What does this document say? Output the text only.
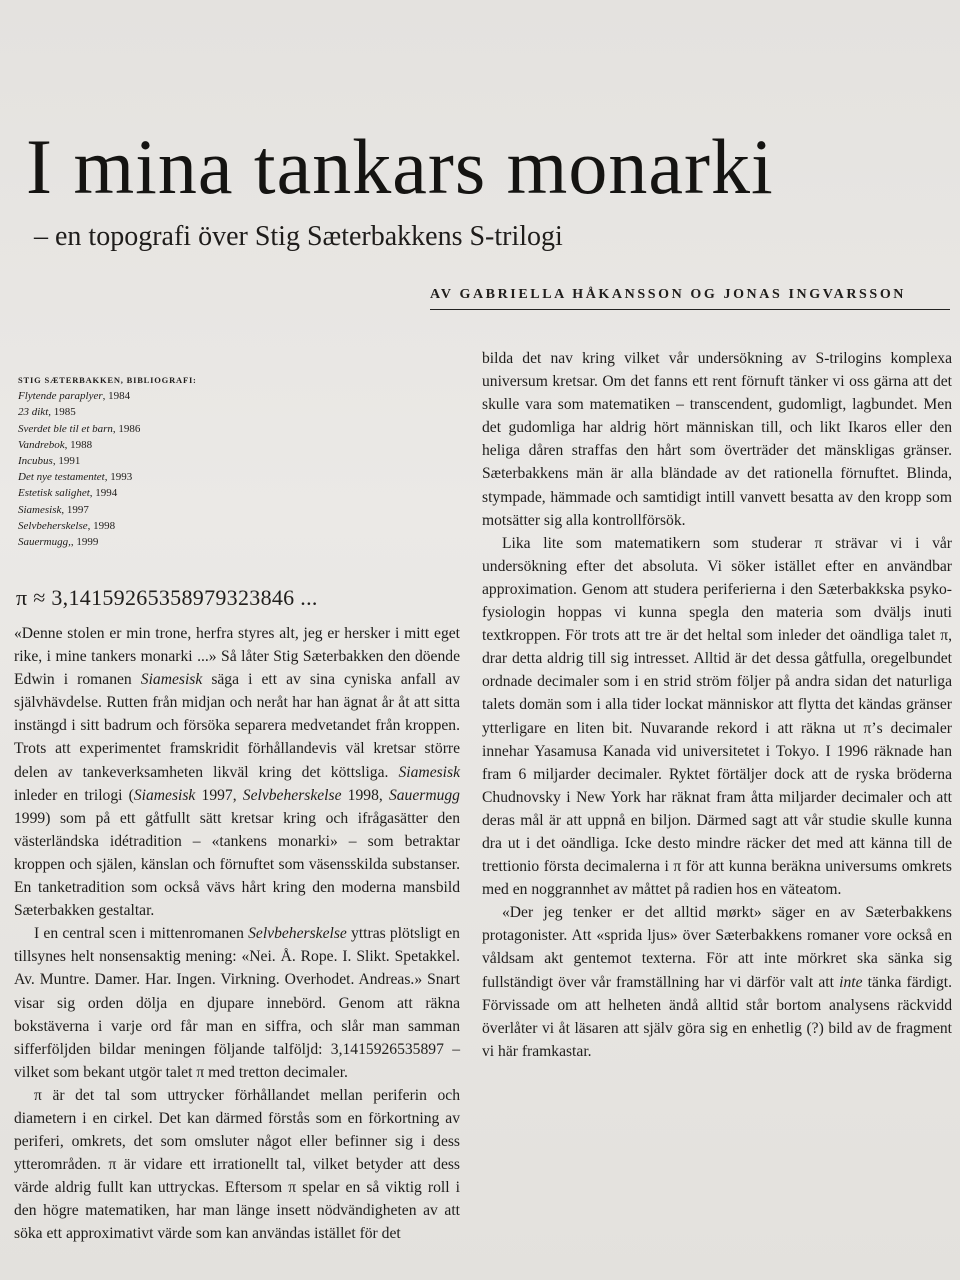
I mina tankars monarki
– en topografi över Stig Sæterbakkens S-trilogi
AV GABRIELLA HÅKANSSON OG JONAS INGVARSSON
STIG SÆTERBAKKEN, BIBLIOGRAFI:
Flytende paraplyer, 1984
23 dikt, 1985
Sverdet ble til et barn, 1986
Vandrebok, 1988
Incubus, 1991
Det nye testamentet, 1993
Estetisk salighet, 1994
Siamesisk, 1997
Selvbeherskelse, 1998
Sauermugg,, 1999
π ≈ 3,14159265358979323846 ...

«Denne stolen er min trone, herfra styres alt, jeg er hersker i mitt eget rike, i mine tankers monarki ...» Så låter Stig Sæterbakken den döende Edwin i romanen Siamesisk säga i ett av sina cyniska anfall av självhävdelse. Rutten från midjan och neråt har han ägnat år åt att sitta instängd i sitt badrum och försöka separera medvetandet från kroppen. Trots att experimentet framskridit förhållandevis väl kretsar större delen av tankeverksamheten likväl kring det köttsliga. Siamesisk inleder en trilogi (Siamesisk 1997, Selvbeherskelse 1998, Sauermugg 1999) som på ett gåtfullt sätt kretsar kring och ifrågasätter den västerländska idétradition – «tankens monarki» – som betraktar kroppen och själen, känslan och förnuftet som väsensskilda substanser. En tanketradition som också vävs hårt kring den moderna mansbild Sæterbakken gestaltar.

I en central scen i mittenromanen Selvbeherskelse yttras plötsligt en tillsynes helt nonsensaktig mening: «Nei. Å. Rope. I. Slikt. Spetakkel. Av. Muntre. Damer. Har. Ingen. Virkning. Overhodet. Andreas.» Snart visar sig orden dölja en djupare innebörd. Genom att räkna bokstäverna i varje ord får man en siffra, och slår man samman sifferföljden bildar meningen följande talföljd: 3,1415926535897 – vilket som bekant utgör talet π med tretton decimaler.

π är det tal som uttrycker förhållandet mellan periferin och diametern i en cirkel. Det kan därmed förstås som en förkortning av periferi, omkrets, det som omsluter något eller befinner sig i dess ytterområden. π är vidare ett irrationellt tal, vilket betyder att dess värde aldrig fullt kan uttryckas. Eftersom π spelar en så viktig roll i den högre matematiken, har man länge insett nödvändigheten av att söka ett approximativt värde som kan användas istället för det

bilda det nav kring vilket vår undersökning av S-trilogins komplexa universum kretsar. Om det fanns ett rent förnuft tänker vi oss gärna att det skulle vara som matematiken – transcendent, gudomligt, lagbundet. Men det gudomliga har aldrig hört människan till, och likt Ikaros eller den heliga dåren straffas den hårt som överträder det mänskligas gränser. Sæterbakkens män är alla bländade av det rationella förnuftet. Blinda, stympade, hämmade och samtidigt intill vanvett besatta av den kropp som motsätter sig alla kontrollförsök.

Lika lite som matematikern som studerar π strävar vi i vår undersökning efter det absoluta. Vi söker istället efter en användbar approximation. Genom att studera periferierna i den Sæterbakkska psyko-fysiologin hoppas vi kunna spegla den materia som dväljs inuti textkroppen. För trots att tre är det heltal som inleder det oändliga talet π, drar detta aldrig till sig intresset. Alltid är det dessa gåtfulla, oregelbundet ordnade decimaler som i en strid ström följer på andra sidan det naturliga talets domän som i alla tider lockat människor att flytta det kändas gränser ytterligare en liten bit. Nuvarande rekord i att räkna ut π’s decimaler innehar Yasamusa Kanada vid universitetet i Tokyo. I 1996 räknade han fram 6 miljarder decimaler. Ryktet förtäljer dock att de ryska bröderna Chudnovsky i New York har räknat fram åtta miljarder decimaler och att deras mål är att uppnå en biljon. Därmed sagt att vår studie skulle kunna dra ut i det oändliga. Icke desto mindre räcker det med att känna till de trettionio första decimalerna i π för att kunna beräkna universums omkrets med en noggrannhet av måttet på radien hos en väteatom.

«Der jeg tenker er det alltid mørkt» säger en av Sæterbakkens protagonister. Att «sprida ljus» över Sæterbakkens romaner vore också en våldsam akt gentemot texterna. För att inte mörkret ska sänka sig fullständigt över vår framställning har vi därför valt att inte tänka färdigt. Förvissade om att helheten ändå alltid står bortom analysens räckvidd överlåter vi åt läsaren att själv göra sig en enhetlig (?) bild av de fragment vi här framkastar.
